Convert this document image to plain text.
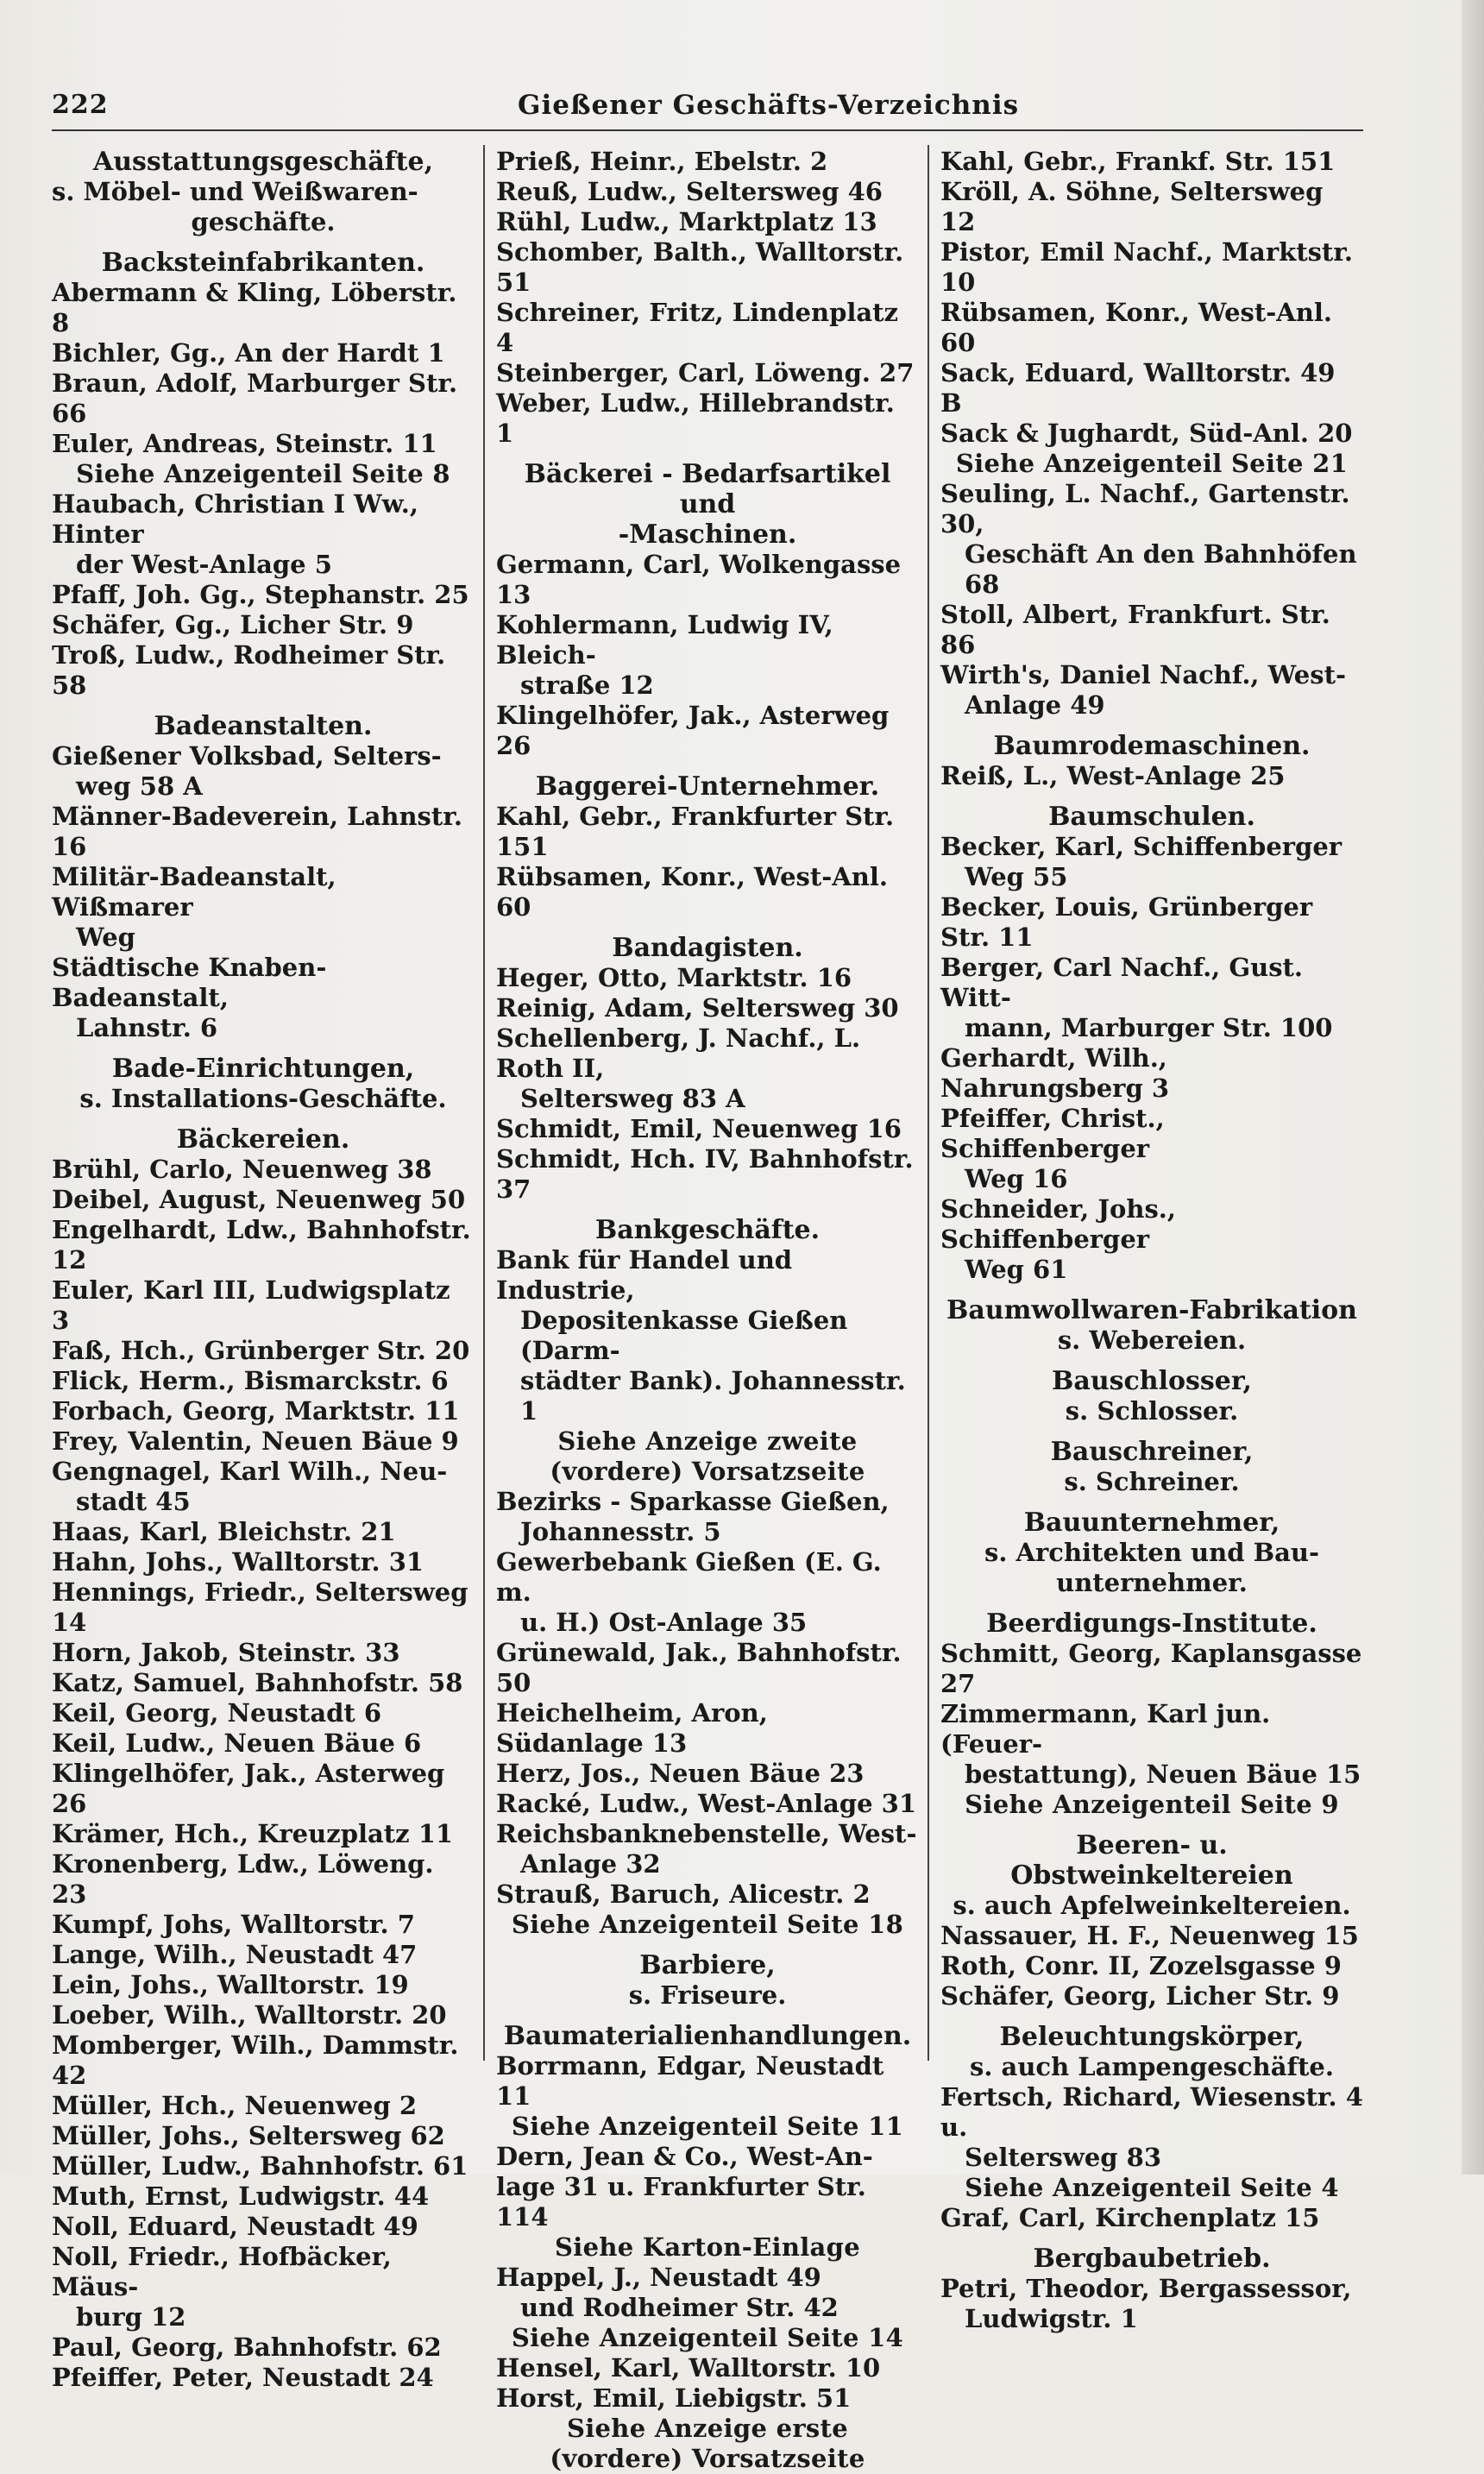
222	Gießener Geschäfts-Verzeichnis
Ausstattungsgeschäfte,
s. Möbel- und Weißwaren-
geschäfte.
Backsteinfabrikanten.
Abermann & Kling, Löberstr. 8
Bichler, Gg., An der Hardt 1
Braun, Adolf, Marburger Str. 66
Euler, Andreas, Steinstr. 11
Siehe Anzeigenteil Seite 8
Haubach, Christian I Ww., Hinter
der West-Anlage 5
Pfaff, Joh. Gg., Stephanstr. 25
Schäfer, Gg., Licher Str. 9
Troß, Ludw., Rodheimer Str. 58
Badeanstalten.
Gießener Volksbad, Selters-
weg 58 A
Männer-Badeverein, Lahnstr. 16
Militär-Badeanstalt, Wißmarer
Weg
Städtische Knaben-Badeanstalt,
Lahnstr. 6
Bade-Einrichtungen,
s. Installations-Geschäfte.
Bäckereien.
Brühl, Carlo, Neuenweg 38
Deibel, August, Neuenweg 50
Engelhardt, Ldw., Bahnhofstr. 12
Euler, Karl III, Ludwigsplatz 3
Faß, Hch., Grünberger Str. 20
Flick, Herm., Bismarckstr. 6
Forbach, Georg, Marktstr. 11
Frey, Valentin, Neuen Bäue 9
Gengnagel, Karl Wilh., Neu-
stadt 45
Haas, Karl, Bleichstr. 21
Hahn, Johs., Walltorstr. 31
Hennings, Friedr., Seltersweg 14
Horn, Jakob, Steinstr. 33
Katz, Samuel, Bahnhofstr. 58
Keil, Georg, Neustadt 6
Keil, Ludw., Neuen Bäue 6
Klingelhöfer, Jak., Asterweg 26
Krämer, Hch., Kreuzplatz 11
Kronenberg, Ldw., Löweng. 23
Kumpf, Johs, Walltorstr. 7
Lange, Wilh., Neustadt 47
Lein, Johs., Walltorstr. 19
Loeber, Wilh., Walltorstr. 20
Momberger, Wilh., Dammstr. 42
Müller, Hch., Neuenweg 2
Müller, Johs., Seltersweg 62
Müller, Ludw., Bahnhofstr. 61
Muth, Ernst, Ludwigstr. 44
Noll, Eduard, Neustadt 49
Noll, Friedr., Hofbäcker, Mäus-
burg 12
Paul, Georg, Bahnhofstr. 62
Pfeiffer, Peter, Neustadt 24
Prieß, Heinr., Ebelstr. 2
Reuß, Ludw., Seltersweg 46
Rühl, Ludw., Marktplatz 13
Schomber, Balth., Walltorstr. 51
Schreiner, Fritz, Lindenplatz 4
Steinberger, Carl, Löweng. 27
Weber, Ludw., Hillebrandstr. 1
Bäckerei - Bedarfsartikel und
-Maschinen.
Germann, Carl, Wolkengasse 13
Kohlermann, Ludwig IV, Bleich-
straße 12
Klingelhöfer, Jak., Asterweg 26
Baggerei-Unternehmer.
Kahl, Gebr., Frankfurter Str. 151
Rübsamen, Konr., West-Anl. 60
Bandagisten.
Heger, Otto, Marktstr. 16
Reinig, Adam, Seltersweg 30
Schellenberg, J. Nachf., L. Roth II,
Seltersweg 83 A
Schmidt, Emil, Neuenweg 16
Schmidt, Hch. IV, Bahnhofstr. 37
Bankgeschäfte.
Bank für Handel und Industrie,
Depositenkasse Gießen (Darm-
städter Bank). Johannesstr. 1
Siehe Anzeige zweite
(vordere) Vorsatzseite
Bezirks - Sparkasse Gießen,
Johannesstr. 5
Gewerbebank Gießen (E. G. m.
u. H.) Ost-Anlage 35
Grünewald, Jak., Bahnhofstr. 50
Heichelheim, Aron, Südanlage 13
Herz, Jos., Neuen Bäue 23
Racké, Ludw., West-Anlage 31
Reichsbanknebenstelle, West-
Anlage 32
Strauß, Baruch, Alicestr. 2
Siehe Anzeigenteil Seite 18
Barbiere,
s. Friseure.
Baumaterialienhandlungen.
Borrmann, Edgar, Neustadt 11
Siehe Anzeigenteil Seite 11
Dern, Jean & Co., West-An-
lage 31 u. Frankfurter Str. 114
Siehe Karton-Einlage
Happel, J., Neustadt 49
und Rodheimer Str. 42
Siehe Anzeigenteil Seite 14
Hensel, Karl, Walltorstr. 10
Horst, Emil, Liebigstr. 51
Siehe Anzeige erste
(vordere) Vorsatzseite
Kahl, Gebr., Frankf. Str. 151
Kröll, A. Söhne, Seltersweg 12
Pistor, Emil Nachf., Marktstr. 10
Rübsamen, Konr., West-Anl. 60
Sack, Eduard, Walltorstr. 49 B
Sack & Jughardt, Süd-Anl. 20
Siehe Anzeigenteil Seite 21
Seuling, L. Nachf., Gartenstr. 30,
Geschäft An den Bahnhöfen 68
Stoll, Albert, Frankfurt. Str. 86
Wirth's, Daniel Nachf., West-
Anlage 49
Baumrodemaschinen.
Reiß, L., West-Anlage 25
Baumschulen.
Becker, Karl, Schiffenberger
Weg 55
Becker, Louis, Grünberger Str. 11
Berger, Carl Nachf., Gust. Witt-
mann, Marburger Str. 100
Gerhardt, Wilh., Nahrungsberg 3
Pfeiffer, Christ., Schiffenberger
Weg 16
Schneider, Johs., Schiffenberger
Weg 61
Baumwollwaren-Fabrikation
s. Webereien.
Bauschlosser,
s. Schlosser.
Bauschreiner,
s. Schreiner.
Bauunternehmer,
s. Architekten und Bau-
unternehmer.
Beerdigungs-Institute.
Schmitt, Georg, Kaplansgasse 27
Zimmermann, Karl jun. (Feuer-
bestattung), Neuen Bäue 15
Siehe Anzeigenteil Seite 9
Beeren- u. Obstweinkeltereien
s. auch Apfelweinkeltereien.
Nassauer, H. F., Neuenweg 15
Roth, Conr. II, Zozelsgasse 9
Schäfer, Georg, Licher Str. 9
Beleuchtungskörper,
s. auch Lampengeschäfte.
Fertsch, Richard, Wiesenstr. 4 u.
Seltersweg 83
Siehe Anzeigenteil Seite 4
Graf, Carl, Kirchenplatz 15
Bergbaubetrieb.
Petri, Theodor, Bergassessor,
Ludwigstr. 1
